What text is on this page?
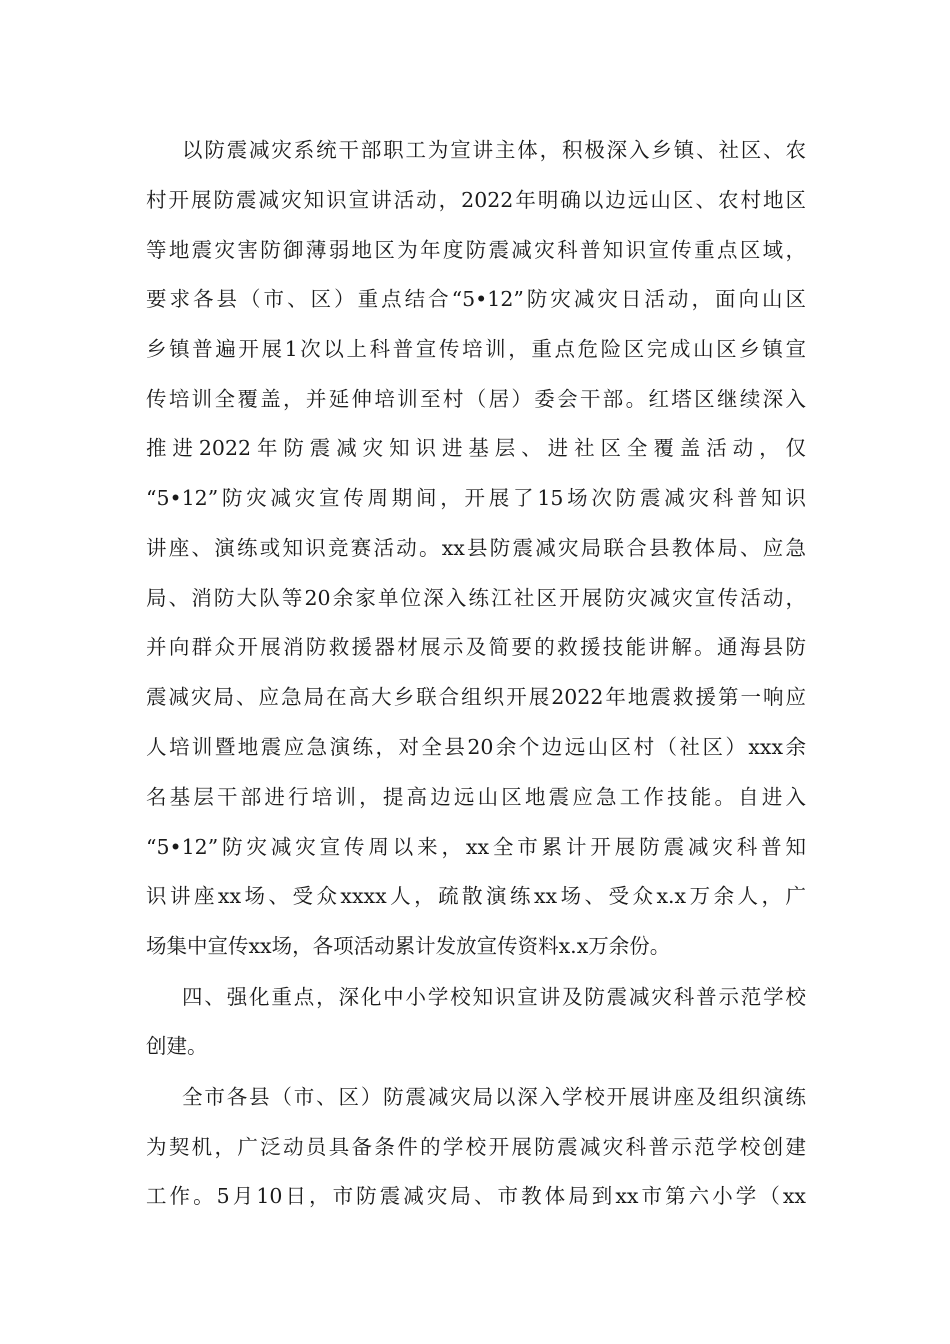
以防震减灾系统干部职工为宣讲主体，积极深入乡镇、社区、农
村开展防震减灾知识宣讲活动，2022年明确以边远山区、农村地区
等地震灾害防御薄弱地区为年度防震减灾科普知识宣传重点区域，
要求各县（市、区）重点结合“5•12”防灾减灾日活动，面向山区
乡镇普遍开展1次以上科普宣传培训，重点危险区完成山区乡镇宣
传培训全覆盖，并延伸培训至村（居）委会干部。红塔区继续深入
推进2022年防震减灾知识进基层、进社区全覆盖活动，仅
“5•12”防灾减灾宣传周期间，开展了15场次防震减灾科普知识
讲座、演练或知识竞赛活动。xx县防震减灾局联合县教体局、应急
局、消防大队等20余家单位深入练江社区开展防灾减灾宣传活动，
并向群众开展消防救援器材展示及简要的救援技能讲解。通海县防
震减灾局、应急局在高大乡联合组织开展2022年地震救援第一响应
人培训暨地震应急演练，对全县20余个边远山区村（社区）xxx余
名基层干部进行培训，提高边远山区地震应急工作技能。自进入
“5•12”防灾减灾宣传周以来，xx全市累计开展防震减灾科普知
识讲座xx场、受众xxxx人，疏散演练xx场、受众x.x万余人，广
场集中宣传xx场，各项活动累计发放宣传资料x.x万余份。
四、强化重点，深化中小学校知识宣讲及防震减灾科普示范学校
创建。
全市各县（市、区）防震减灾局以深入学校开展讲座及组织演练
为契机，广泛动员具备条件的学校开展防震减灾科普示范学校创建
工作。5月10日，市防震减灾局、市教体局到xx市第六小学（xx
